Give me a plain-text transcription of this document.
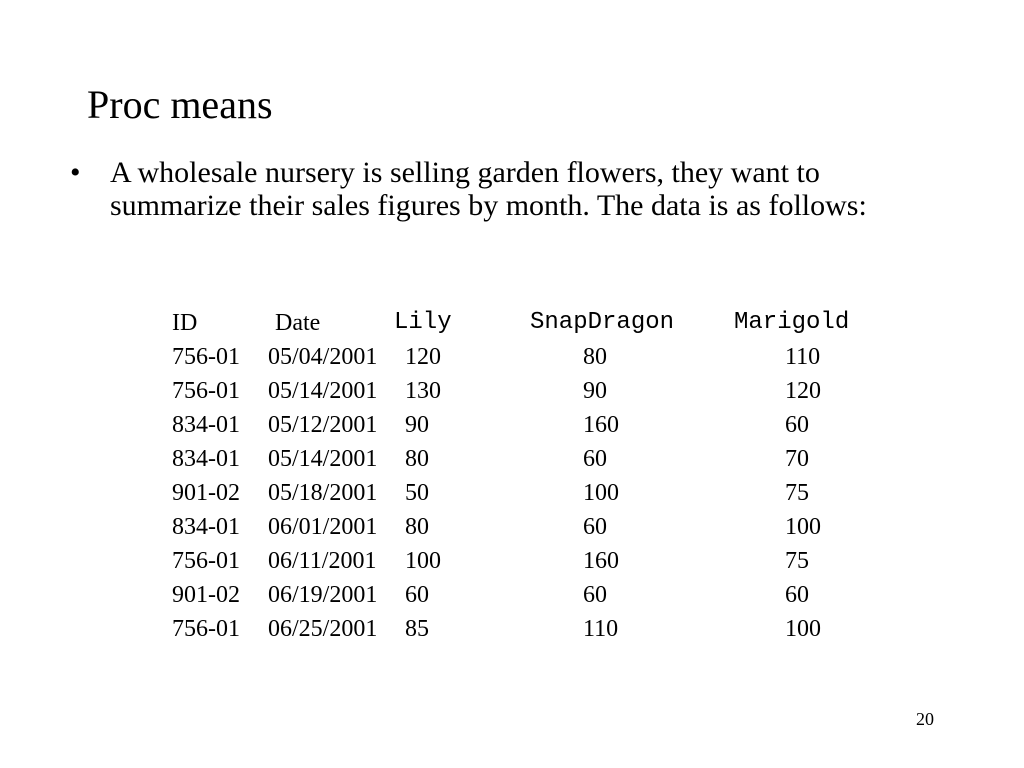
Proc means
• A wholesale nursery is selling garden flowers, they want to summarize their sales figures by month. The data is as follows:
ID	Date	Lily	SnapDragon Marigold
756-01 05/04/2001 120	80	110
756-01 05/14/2001 130	90	120
834-01 05/12/2001 90	160	60
834-01 05/14/2001 80	60	70
901-02 05/18/2001 50	100	75
834-01 06/01/2001 80	60	100
756-01 06/11/2001 100	160	75
901-02 06/19/2001 60	60	60
756-01 06/25/2001 85	110	100
20
